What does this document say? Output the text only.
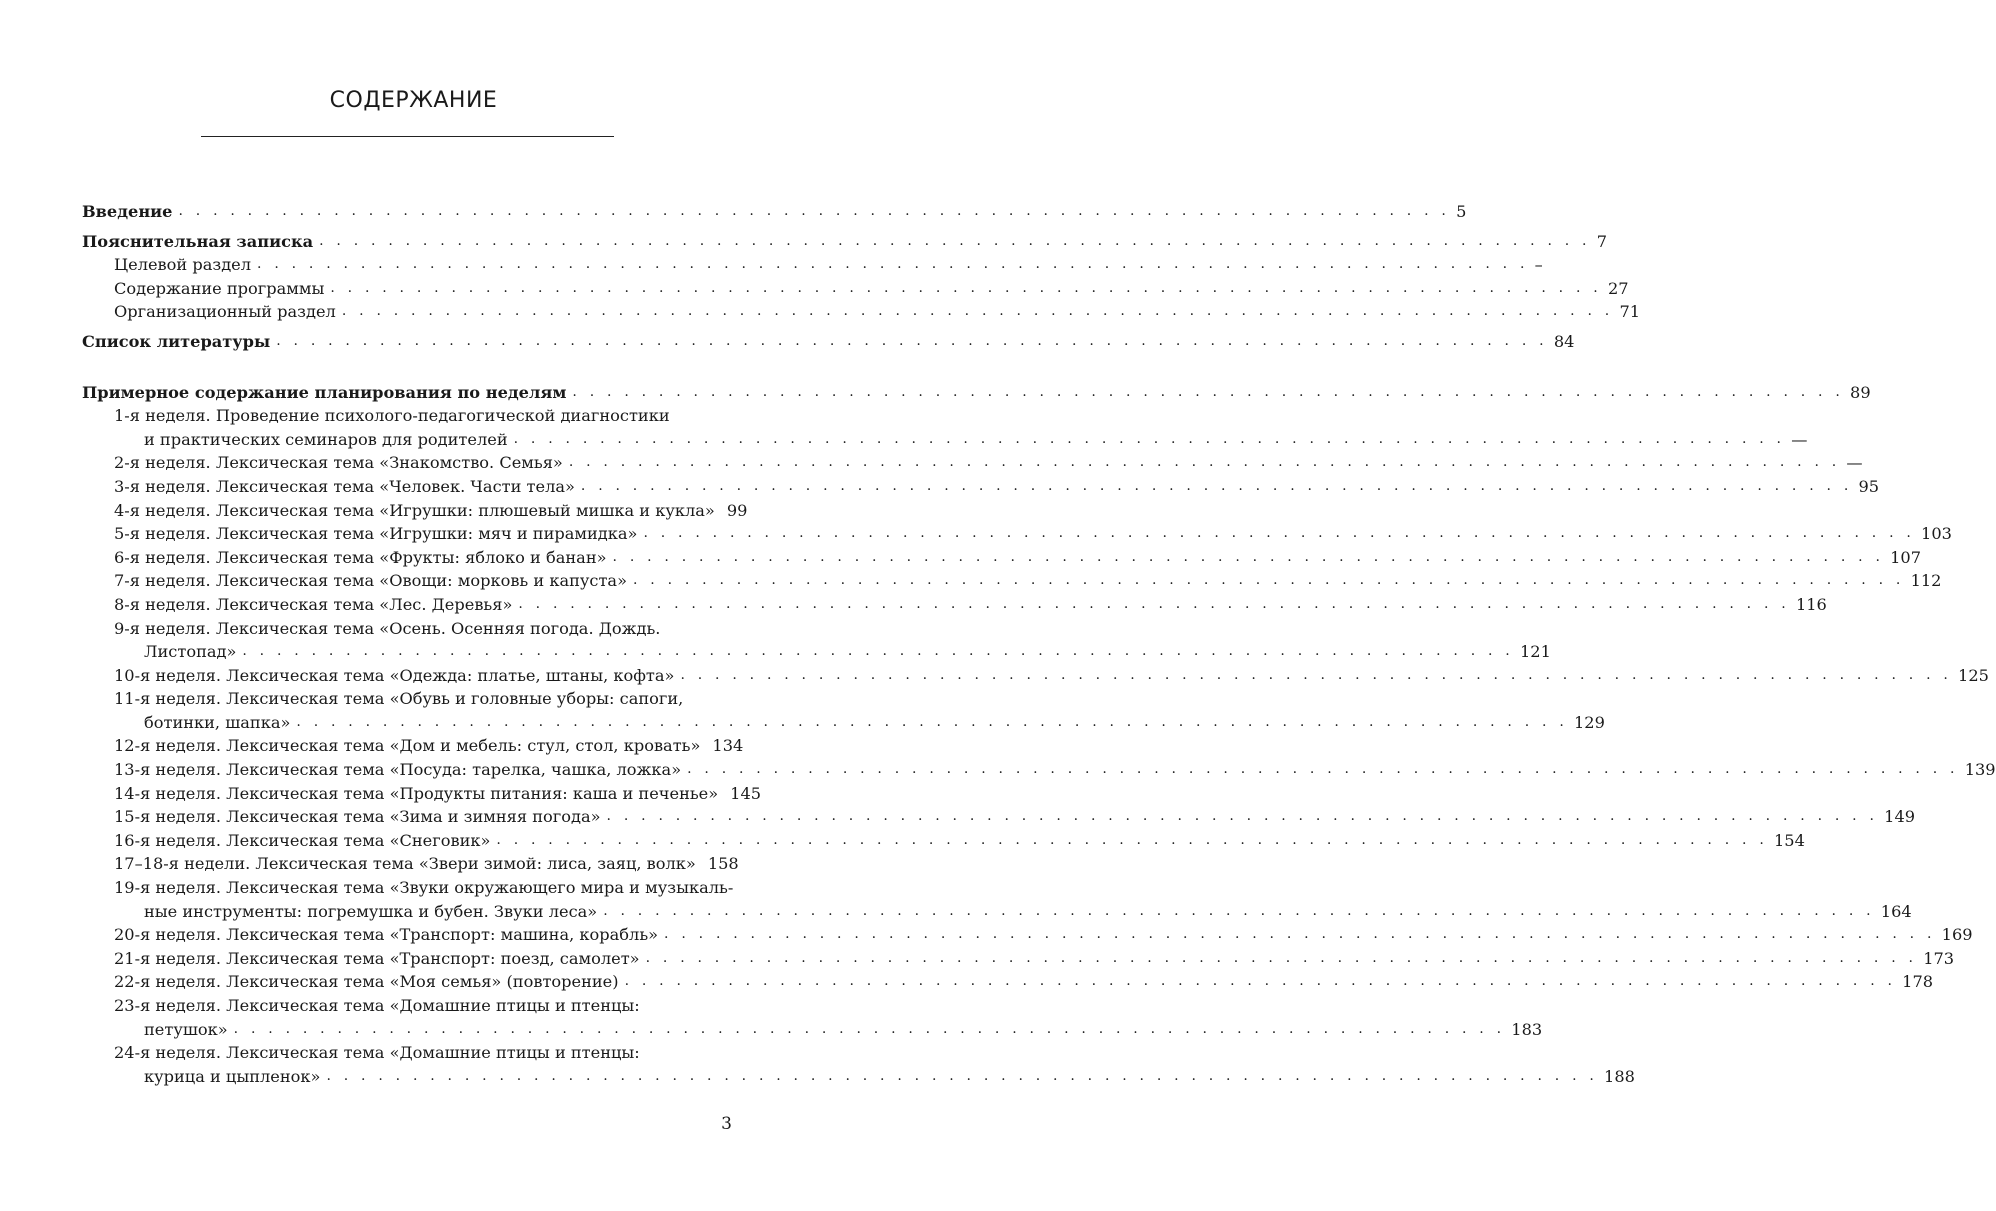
СОДЕРЖАНИЕ
Введение . . . . . . . . . . . . . . . . . . . . . . . . . . . . . . . . . . . . . . . . . . . . . . . . . . . . . . . . . . . . . . . . . . . . . . . . . . 5
Пояснительная записка . . . . . . . . . . . . . . . . . . . . . . . . . . . . . . . . . . . . . . . . . . . . . . . . . . . . . . . . . . . . . . . . . . . . . . . . . . 7
Целевой раздел . . . . . . . . . . . . . . . . . . . . . . . . . . . . . . . . . . . . . . . . . . . . . . . . . . . . . . . . . . . . . . . . . . . . . . . . . . –
Содержание программы . . . . . . . . . . . . . . . . . . . . . . . . . . . . . . . . . . . . . . . . . . . . . . . . . . . . . . . . . . . . . . . . . . . . . . . . . . 27
Организационный раздел . . . . . . . . . . . . . . . . . . . . . . . . . . . . . . . . . . . . . . . . . . . . . . . . . . . . . . . . . . . . . . . . . . . . . . . . . . 71
Список литературы . . . . . . . . . . . . . . . . . . . . . . . . . . . . . . . . . . . . . . . . . . . . . . . . . . . . . . . . . . . . . . . . . . . . . . . . . . 84
Примерное содержание планирования по неделям . . . . . . . . . . . . . . . . . . . . . . . . . . . . . . . . . . . . . . . . . . . . . . . . . . . . . . . . . . . . . . . . . . . . . . . . . . 89
1-я неделя. Проведение психолого-педагогической диагностики
и практических семинаров для родителей . . . . . . . . . . . . . . . . . . . . . . . . . . . . . . . . . . . . . . . . . . . . . . . . . . . . . . . . . . . . . . . . . . . . . . . . . . —
2-я неделя. Лексическая тема «Знакомство. Семья» . . . . . . . . . . . . . . . . . . . . . . . . . . . . . . . . . . . . . . . . . . . . . . . . . . . . . . . . . . . . . . . . . . . . . . . . . . —
3-я неделя. Лексическая тема «Человек. Части тела» . . . . . . . . . . . . . . . . . . . . . . . . . . . . . . . . . . . . . . . . . . . . . . . . . . . . . . . . . . . . . . . . . . . . . . . . . . 95
4-я неделя. Лексическая тема «Игрушки: плюшевый мишка и кукла» 99
5-я неделя. Лексическая тема «Игрушки: мяч и пирамидка» . . . . . . . . . . . . . . . . . . . . . . . . . . . . . . . . . . . . . . . . . . . . . . . . . . . . . . . . . . . . . . . . . . . . . . . . . . 103
6-я неделя. Лексическая тема «Фрукты: яблоко и банан» . . . . . . . . . . . . . . . . . . . . . . . . . . . . . . . . . . . . . . . . . . . . . . . . . . . . . . . . . . . . . . . . . . . . . . . . . . 107
7-я неделя. Лексическая тема «Овощи: морковь и капуста» . . . . . . . . . . . . . . . . . . . . . . . . . . . . . . . . . . . . . . . . . . . . . . . . . . . . . . . . . . . . . . . . . . . . . . . . . . 112
8-я неделя. Лексическая тема «Лес. Деревья» . . . . . . . . . . . . . . . . . . . . . . . . . . . . . . . . . . . . . . . . . . . . . . . . . . . . . . . . . . . . . . . . . . . . . . . . . . 116
9-я неделя. Лексическая тема «Осень. Осенняя погода. Дождь.
Листопад» . . . . . . . . . . . . . . . . . . . . . . . . . . . . . . . . . . . . . . . . . . . . . . . . . . . . . . . . . . . . . . . . . . . . . . . . . . 121
10-я неделя. Лексическая тема «Одежда: платье, штаны, кофта» . . . . . . . . . . . . . . . . . . . . . . . . . . . . . . . . . . . . . . . . . . . . . . . . . . . . . . . . . . . . . . . . . . . . . . . . . . 125
11-я неделя. Лексическая тема «Обувь и головные уборы: сапоги,
ботинки, шапка» . . . . . . . . . . . . . . . . . . . . . . . . . . . . . . . . . . . . . . . . . . . . . . . . . . . . . . . . . . . . . . . . . . . . . . . . . . 129
12-я неделя. Лексическая тема «Дом и мебель: стул, стол, кровать» 134
13-я неделя. Лексическая тема «Посуда: тарелка, чашка, ложка» . . . . . . . . . . . . . . . . . . . . . . . . . . . . . . . . . . . . . . . . . . . . . . . . . . . . . . . . . . . . . . . . . . . . . . . . . . 139
14-я неделя. Лексическая тема «Продукты питания: каша и печенье» 145
15-я неделя. Лексическая тема «Зима и зимняя погода» . . . . . . . . . . . . . . . . . . . . . . . . . . . . . . . . . . . . . . . . . . . . . . . . . . . . . . . . . . . . . . . . . . . . . . . . . . 149
16-я неделя. Лексическая тема «Снеговик» . . . . . . . . . . . . . . . . . . . . . . . . . . . . . . . . . . . . . . . . . . . . . . . . . . . . . . . . . . . . . . . . . . . . . . . . . . 154
17–18-я недели. Лексическая тема «Звери зимой: лиса, заяц, волк» 158
19-я неделя. Лексическая тема «Звуки окружающего мира и музыкаль-
ные инструменты: погремушка и бубен. Звуки леса» . . . . . . . . . . . . . . . . . . . . . . . . . . . . . . . . . . . . . . . . . . . . . . . . . . . . . . . . . . . . . . . . . . . . . . . . . . 164
20-я неделя. Лексическая тема «Транспорт: машина, корабль» . . . . . . . . . . . . . . . . . . . . . . . . . . . . . . . . . . . . . . . . . . . . . . . . . . . . . . . . . . . . . . . . . . . . . . . . . . 169
21-я неделя. Лексическая тема «Транспорт: поезд, самолет» . . . . . . . . . . . . . . . . . . . . . . . . . . . . . . . . . . . . . . . . . . . . . . . . . . . . . . . . . . . . . . . . . . . . . . . . . . 173
22-я неделя. Лексическая тема «Моя семья» (повторение) . . . . . . . . . . . . . . . . . . . . . . . . . . . . . . . . . . . . . . . . . . . . . . . . . . . . . . . . . . . . . . . . . . . . . . . . . . 178
23-я неделя. Лексическая тема «Домашние птицы и птенцы:
петушок» . . . . . . . . . . . . . . . . . . . . . . . . . . . . . . . . . . . . . . . . . . . . . . . . . . . . . . . . . . . . . . . . . . . . . . . . . . 183
24-я неделя. Лексическая тема «Домашние птицы и птенцы:
курица и цыпленок» . . . . . . . . . . . . . . . . . . . . . . . . . . . . . . . . . . . . . . . . . . . . . . . . . . . . . . . . . . . . . . . . . . . . . . . . . . 188
3
